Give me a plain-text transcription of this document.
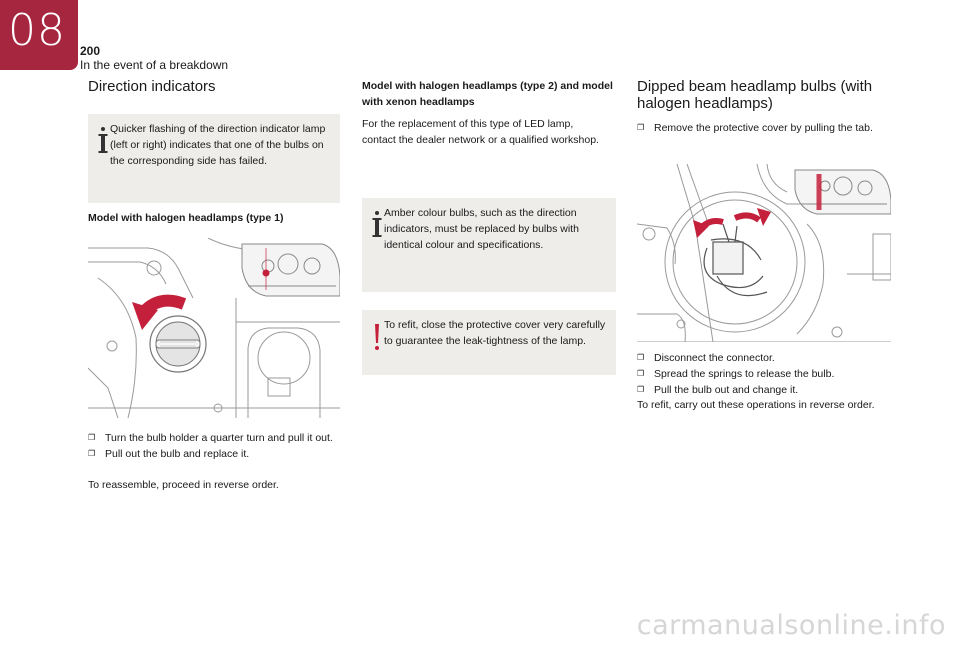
08 200
In the event of a breakdown
Direction indicators
Quicker flashing of the direction indicator lamp (left or right) indicates that one of the bulbs on the corresponding side has failed.
Model with halogen headlamps (type 1)
❐ Turn the bulb holder a quarter turn and pull it out.
❐ Pull out the bulb and replace it.
To reassemble, proceed in reverse order.
Model with halogen headlamps (type 2) and model with xenon headlamps
For the replacement of this type of LED lamp, contact the dealer network or a qualified workshop.
Amber colour bulbs, such as the direction indicators, must be replaced by bulbs with identical colour and specifications.
To refit, close the protective cover very carefully to guarantee the leak-tightness of the lamp.
Dipped beam headlamp bulbs (with halogen headlamps)
❐ Remove the protective cover by pulling the tab.
❐ Disconnect the connector.
❐ Spread the springs to release the bulb.
❐ Pull the bulb out and change it.
To refit, carry out these operations in reverse order.
carmanualsonline.info
